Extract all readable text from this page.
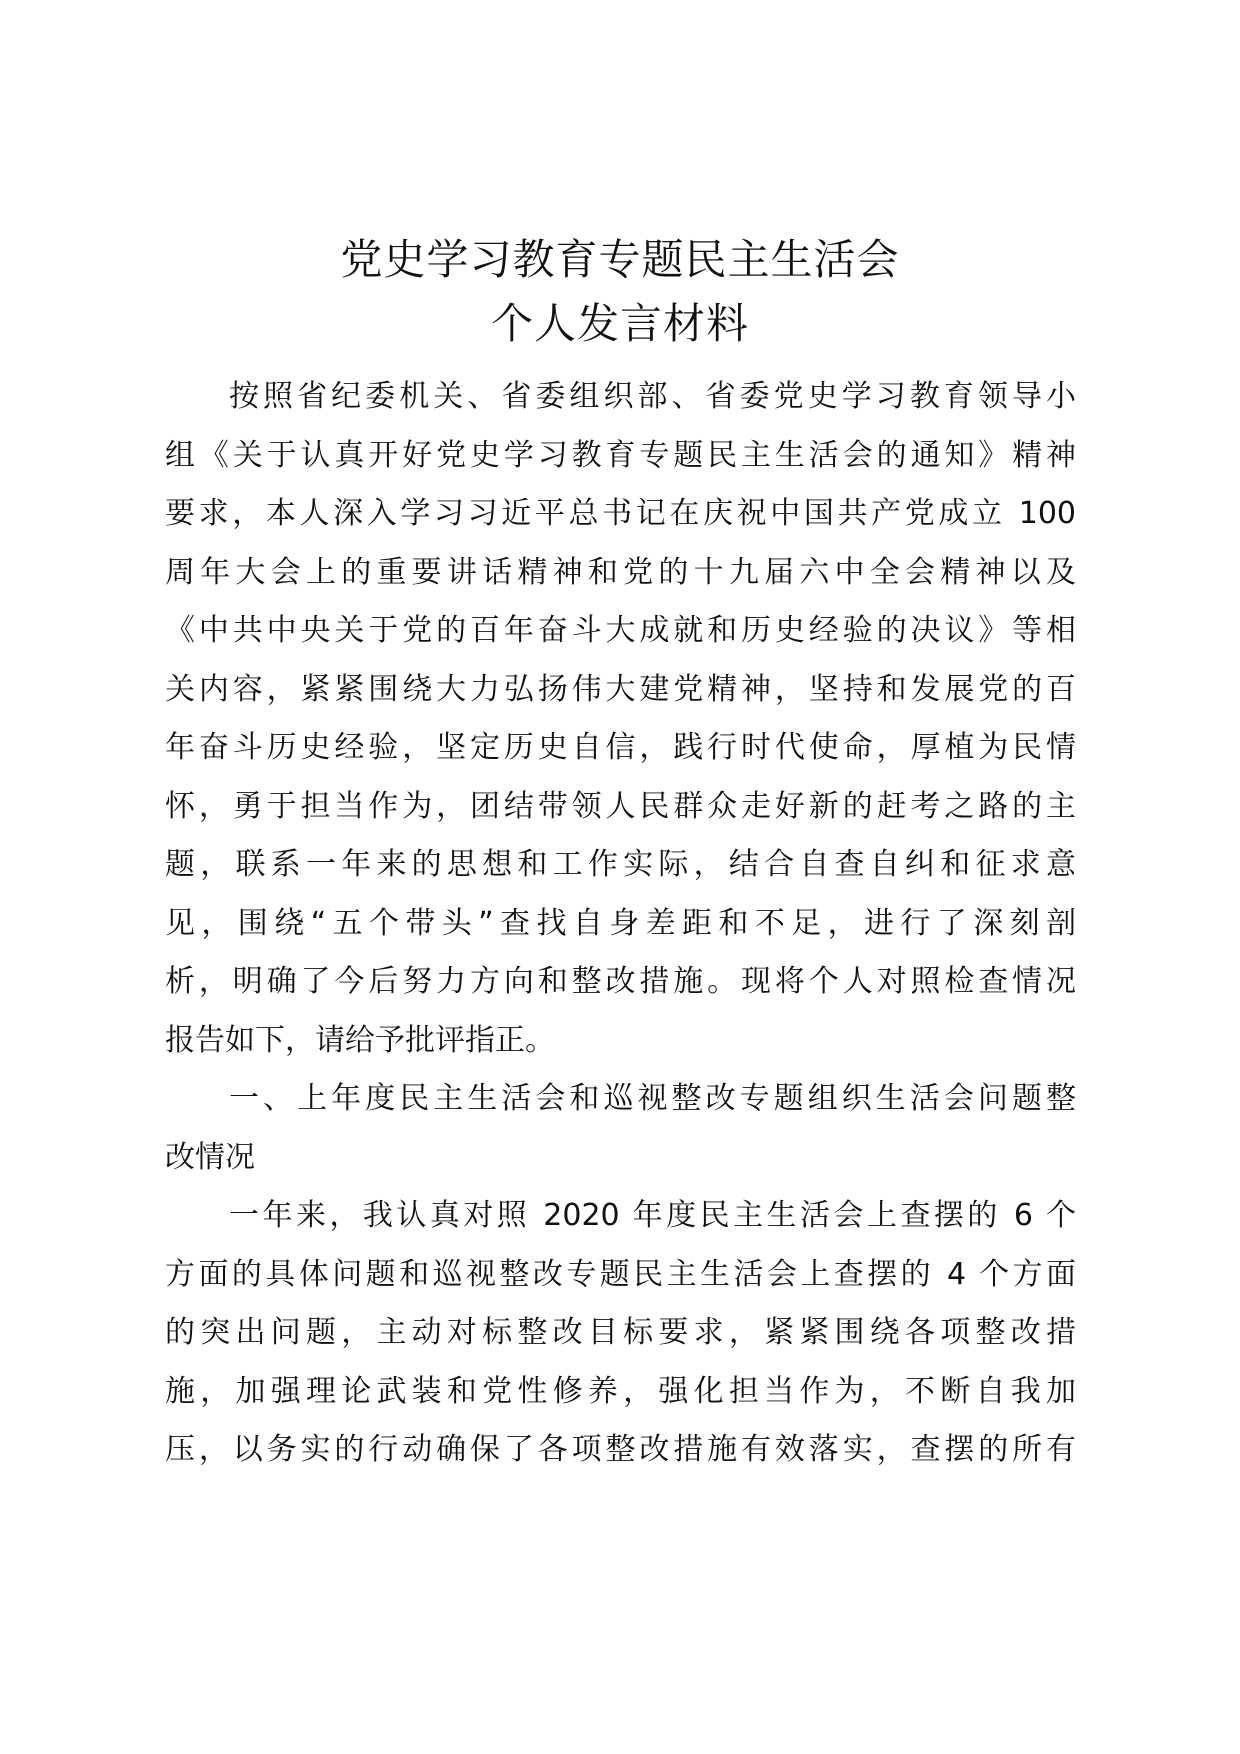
党史学习教育专题民主生活会
个人发言材料
按照省纪委机关、省委组织部、省委党史学习教育领导小
组《关于认真开好党史学习教育专题民主生活会的通知》精神
要求，本人深入学习习近平总书记在庆祝中国共产党成立 100
周年大会上的重要讲话精神和党的十九届六中全会精神以及
《中共中央关于党的百年奋斗大成就和历史经验的决议》等相
关内容，紧紧围绕大力弘扬伟大建党精神，坚持和发展党的百
年奋斗历史经验，坚定历史自信，践行时代使命，厚植为民情
怀，勇于担当作为，团结带领人民群众走好新的赶考之路的主
题，联系一年来的思想和工作实际，结合自查自纠和征求意
见，围绕“五个带头”查找自身差距和不足，进行了深刻剖
析，明确了今后努力方向和整改措施。现将个人对照检查情况
报告如下，请给予批评指正。
一、上年度民主生活会和巡视整改专题组织生活会问题整
改情况
一年来，我认真对照 2020 年度民主生活会上查摆的 6 个
方面的具体问题和巡视整改专题民主生活会上查摆的 4 个方面
的突出问题，主动对标整改目标要求，紧紧围绕各项整改措
施，加强理论武装和党性修养，强化担当作为，不断自我加
压，以务实的行动确保了各项整改措施有效落实，查摆的所有
